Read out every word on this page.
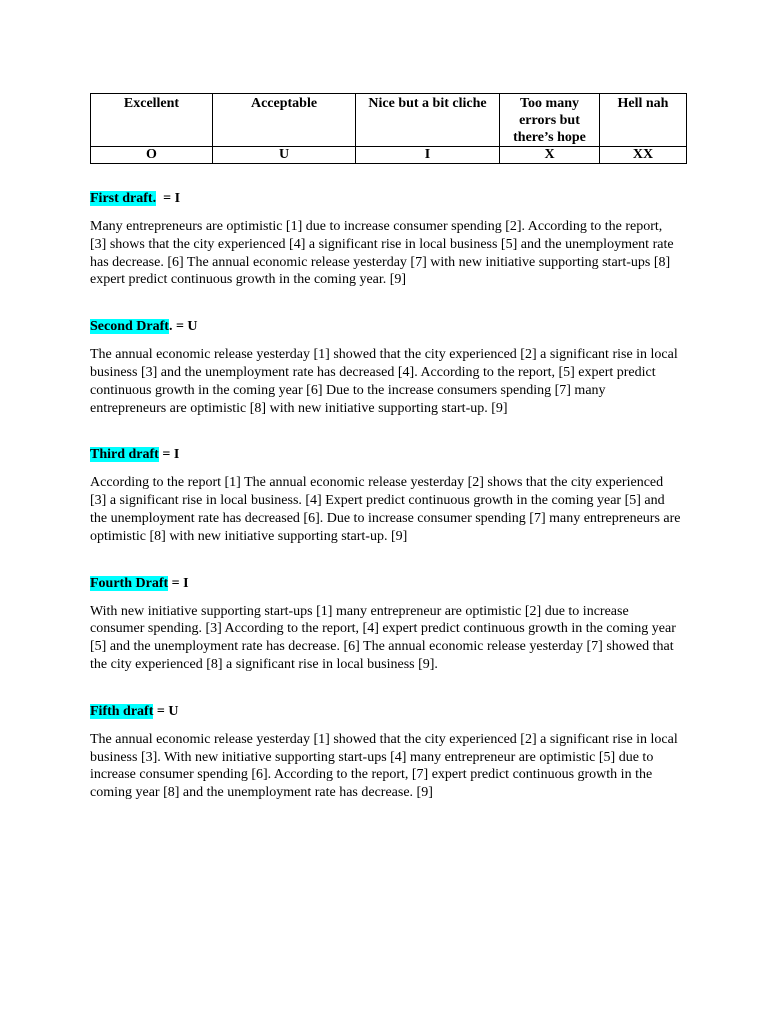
Excellent	Acceptable	Nice but a bit cliche	Too many errors but there’s hope	Hell nah
O	U	I	X	XX
First draft. = I

Many entrepreneurs are optimistic [1] due to increase consumer spending [2]. According to the report, [3] shows that the city experienced [4] a significant rise in local business [5] and the unemployment rate has decrease. [6] The annual economic release yesterday [7] with new initiative supporting start-ups [8] expert predict continuous growth in the coming year. [9]

Second Draft. = U

The annual economic release yesterday [1] showed that the city experienced [2] a significant rise in local business [3] and the unemployment rate has decreased [4]. According to the report, [5] expert predict continuous growth in the coming year [6] Due to the increase consumers spending [7] many entrepreneurs are optimistic [8] with new initiative supporting start-up. [9]

Third draft = I

According to the report [1] The annual economic release yesterday [2] shows that the city experienced [3] a significant rise in local business. [4] Expert predict continuous growth in the coming year [5] and the unemployment rate has decreased [6]. Due to increase consumer spending [7] many entrepreneurs are optimistic [8] with new initiative supporting start-up. [9]

Fourth Draft = I

With new initiative supporting start-ups [1] many entrepreneur are optimistic [2] due to increase consumer spending. [3] According to the report, [4] expert predict continuous growth in the coming year [5] and the unemployment rate has decrease. [6] The annual economic release yesterday [7] showed that the city experienced [8] a significant rise in local business [9].

Fifth draft = U

The annual economic release yesterday [1] showed that the city experienced [2] a significant rise in local business [3]. With new initiative supporting start-ups [4] many entrepreneur are optimistic [5] due to increase consumer spending [6]. According to the report, [7] expert predict continuous growth in the coming year [8] and the unemployment rate has decrease. [9]
